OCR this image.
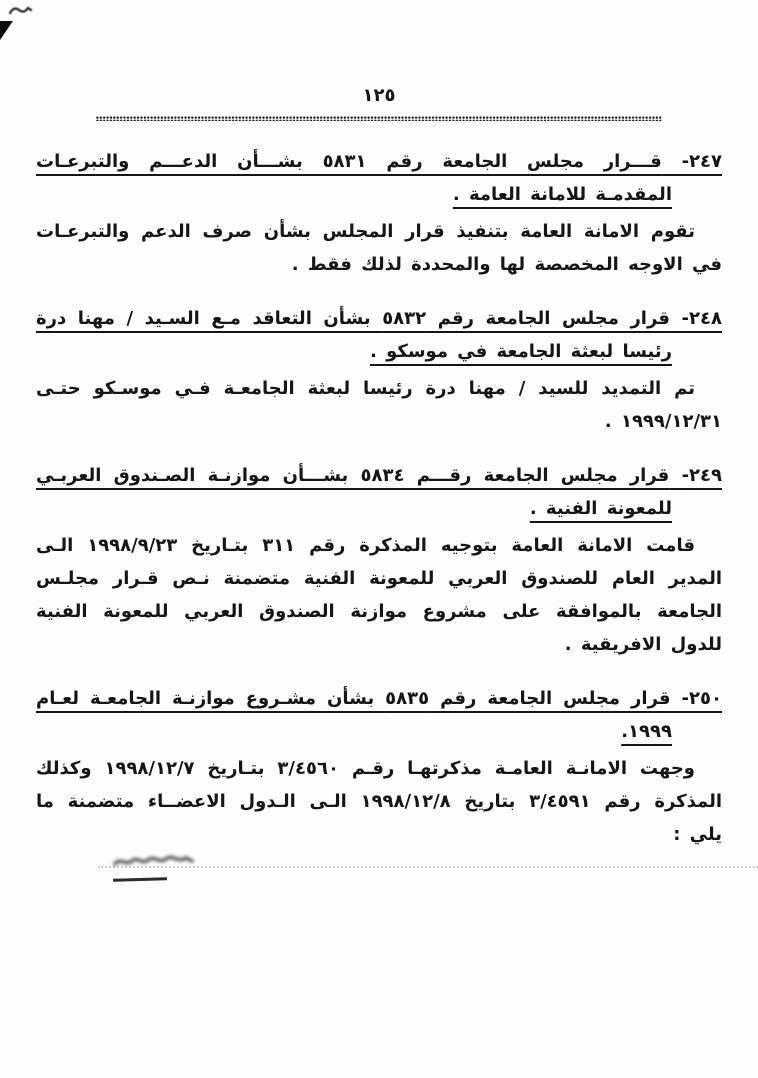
١٢٥

٢٤٧- قـــرار مجلس الجامعة رقم ٥٨٣١ بشـــأن الدعـــم والتبرعـات المقدمـة للامانة العامة .

تقوم الامانة العامة بتنفيذ قرار المجلس بشأن صرف الدعم والتبرعـات في الاوجه المخصصة لها والمحددة لذلك فقط .

٢٤٨- قرار مجلس الجامعة رقم ٥٨٣٢ بشأن التعاقد مـع السـيد / مهنا درة رئيسا لبعثة الجامعة في موسكو .

تم التمديد للسيد / مهنا درة رئيسا لبعثة الجامعـة فـي موسـكو حتـى ١٩٩٩/١٢/٣١ .

٢٤٩- قرار مجلس الجامعة رقـــم ٥٨٣٤ بشـــأن موازنـة الصـندوق العربـي للمعونة الفنية .

قامت الامانة العامة بتوجيه المذكرة رقم ٣١١ بتـاريخ ١٩٩٨/٩/٢٣ الـى المدير العام للصندوق العربي للمعونة الفنية متضمنة نـص قـرار مجلـس الجامعة بالموافقة على مشروع موازنة الصندوق العربي للمعونة الفنية للدول الافريقية .

٢٥٠- قرار مجلس الجامعة رقم ٥٨٣٥ بشأن مشـروع موازنـة الجامعـة لعـام ١٩٩٩.

وجهت الامانـة العامـة مذكرتهـا رقـم ٣/٤٥٦٠ بتـاريخ ١٩٩٨/١٢/٧ وكذلك المذكرة رقم ٣/٤٥٩١ بتاريخ ١٩٩٨/١٢/٨ الـى الـدول الاعضــاء متضمنة ما يلي :
